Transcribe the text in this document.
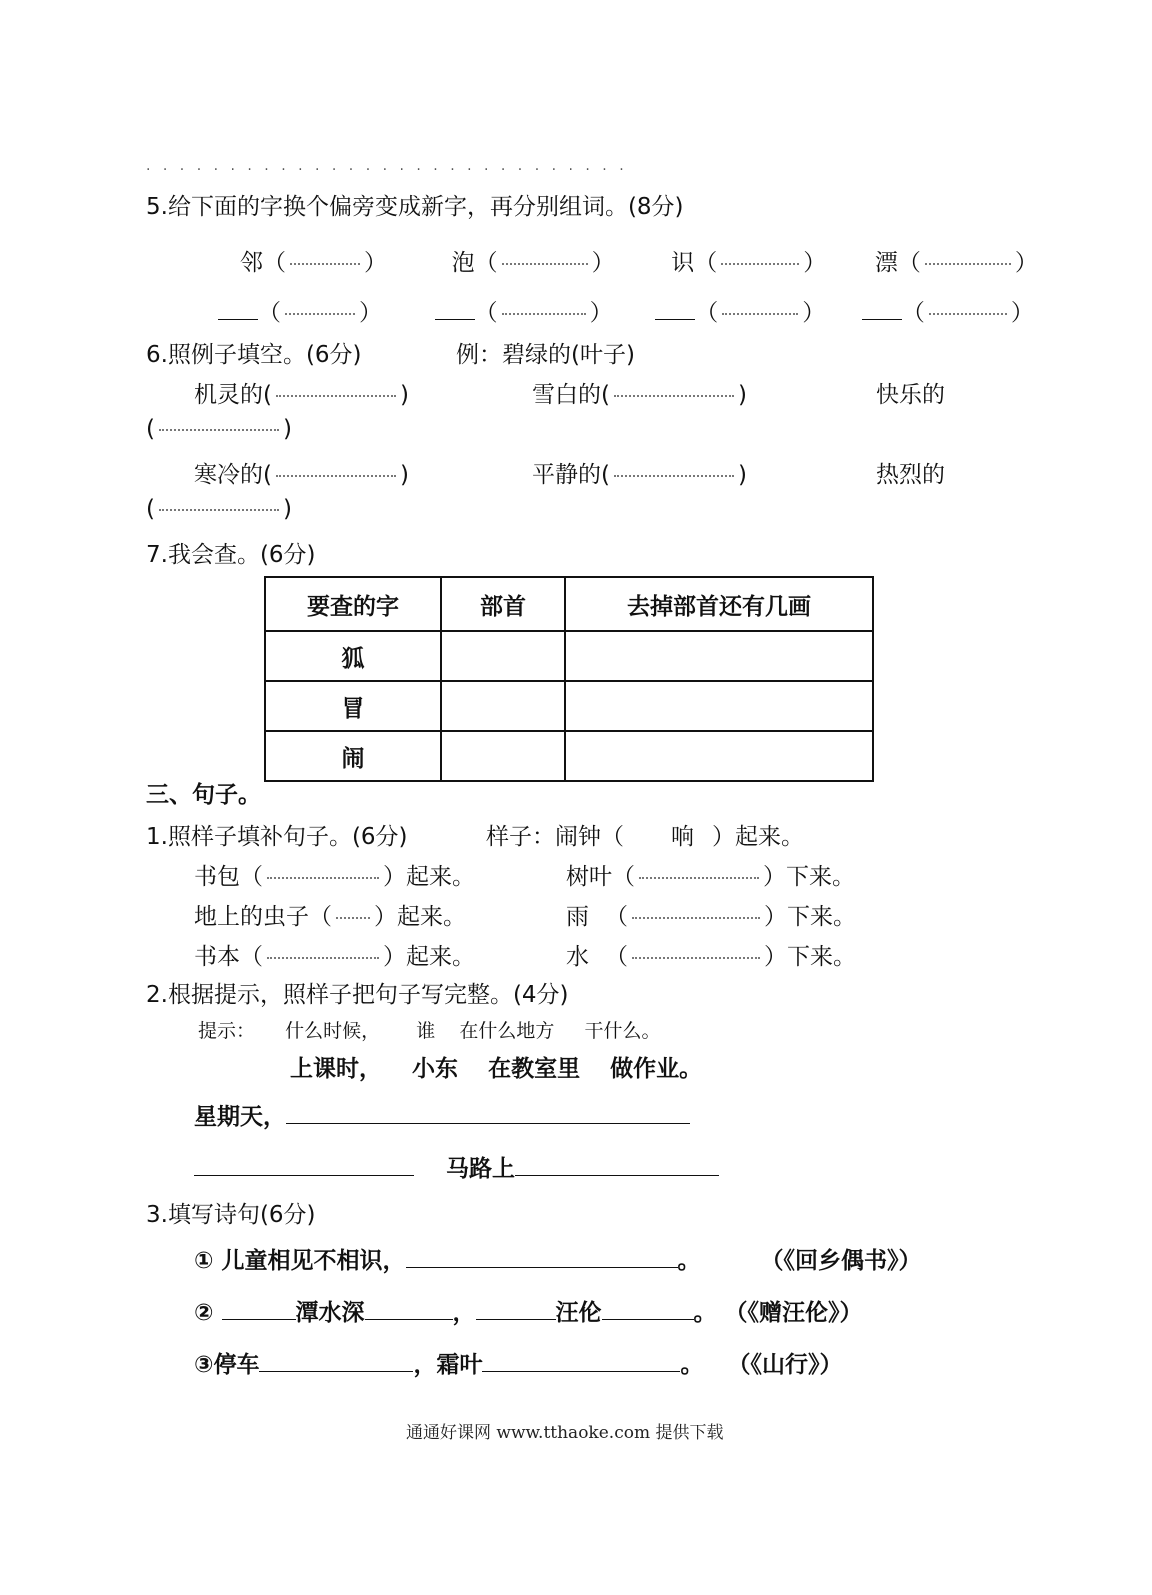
· · · · · · · · · · · · · · · · · · · · · · · · · · · · ·
5.给下面的字换个偏旁变成新字，再分别组词。(8分)
邻（	）  泡（	）  识（	）  漂（	）
（	）	（	）	（	）	（	）
6.照例子填空。(6分)	例：碧绿的(叶子)
机灵的(	)	雪白的(	)	快乐的
(	)
寒冷的(	)	平静的(	)	热烈的
(	)
7.我会查。(6分)
要查的字	部首	去掉部首还有几画
狐		
冒		
闹		
三、句子。
1.照样子填补句子。(6分)	样子：闹钟（ 响 ）起来。
书包（	）起来。	树叶（	）下来。
地上的虫子（ ）起来。	雨 （	）下来。
书本（	）起来。	水 （	）下来。
2.根据提示，照样子把句子写完整。(4分)
提示： 什么时候， 谁 在什么地方 干什么。
上课时， 小东 在教室里 做作业。
星期天，
马路上
3.填写诗句(6分)
① 儿童相见不相识，	。	（《回乡偶书》）
②	潭水深	，	汪伦	。 （《赠汪伦》）
③停车	，霜叶	。 （《山行》）
通通好课网 www.tthaoke.com 提供下载
